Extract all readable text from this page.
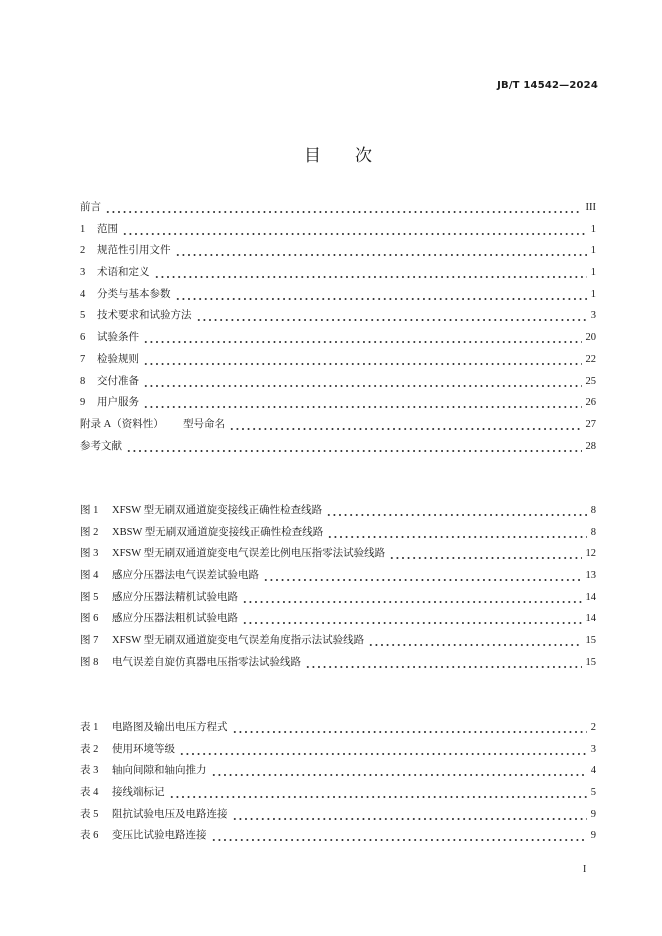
JB/T 14542—2024
目　　次
前言	III
1	范围	1
2	规范性引用文件	1
3	术语和定义	1
4	分类与基本参数	1
5	技术要求和试验方法	3
6	试验条件	20
7	检验规则	22
8	交付准备	25
9	用户服务	26
附录 A（资料性）	型号命名	27
参考文献	28
图 1	XFSW 型无刷双通道旋变接线正确性检查线路	8
图 2	XBSW 型无刷双通道旋变接线正确性检查线路	8
图 3	XFSW 型无刷双通道旋变电气误差比例电压指零法试验线路	12
图 4	感应分压器法电气误差试验电路	13
图 5	感应分压器法精机试验电路	14
图 6	感应分压器法粗机试验电路	14
图 7	XFSW 型无刷双通道旋变电气误差角度指示法试验线路	15
图 8	电气误差自旋仿真器电压指零法试验线路	15
表 1	电路图及输出电压方程式	2
表 2	使用环境等级	3
表 3	轴向间隙和轴向推力	4
表 4	接线端标记	5
表 5	阻抗试验电压及电路连接	9
表 6	变压比试验电路连接	9
I
